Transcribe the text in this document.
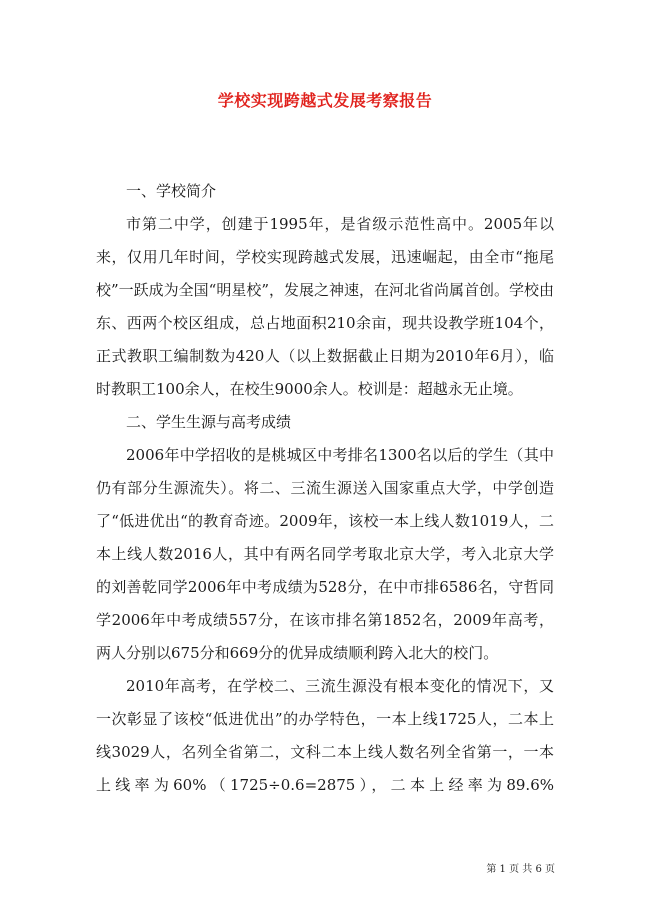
学校实现跨越式发展考察报告

一、学校简介

市第二中学，创建于1995年，是省级示范性高中。2005年以来，仅用几年时间，学校实现跨越式发展，迅速崛起，由全市“拖尾校”一跃成为全国“明星校”，发展之神速，在河北省尚属首创。学校由东、西两个校区组成，总占地面积210余亩，现共设教学班104个，正式教职工编制数为420人（以上数据截止日期为2010年6月），临时教职工100余人，在校生9000余人。校训是：超越永无止境。

二、学生生源与高考成绩

2006年中学招收的是桃城区中考排名1300名以后的学生（其中仍有部分生源流失）。将二、三流生源送入国家重点大学，中学创造了“低进优出“的教育奇迹。2009年，该校一本上线人数1019人，二本上线人数2016人，其中有两名同学考取北京大学，考入北京大学的刘善乾同学2006年中考成绩为528分，在中市排6586名，守哲同学2006年中考成绩557分，在该市排名第1852名，2009年高考，两人分别以675分和669分的优异成绩顺利跨入北大的校门。

2010年高考，在学校二、三流生源没有根本变化的情况下，又一次彰显了该校“低进优出”的办学特色，一本上线1725人，二本上线3029人，名列全省第二，文科二本上线人数名列全省第一，一本上线率为60%（1725÷0.6=2875），二本上经率为89.6%

第 1 页 共 6 页
